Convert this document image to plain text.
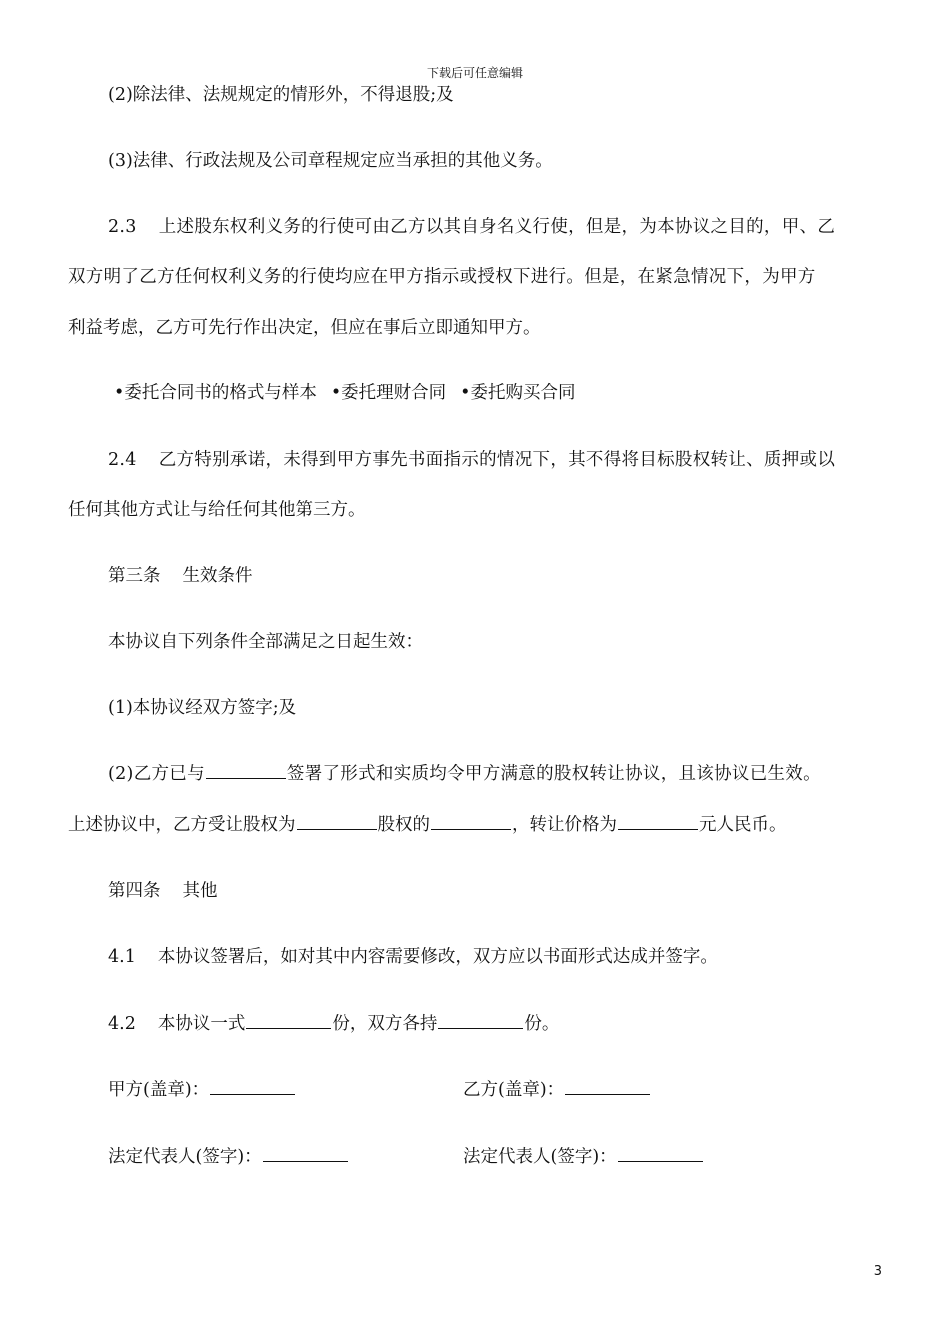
下载后可任意编辑
(2)除法律、法规规定的情形外，不得退股;及
(3)法律、行政法规及公司章程规定应当承担的其他义务。
2.3 上述股东权利义务的行使可由乙方以其自身名义行使，但是，为本协议之目的，甲、乙
双方明了乙方任何权利义务的行使均应在甲方指示或授权下进行。但是，在紧急情况下，为甲方
利益考虑，乙方可先行作出决定，但应在事后立即通知甲方。
•委托合同书的格式与样本 •委托理财合同 •委托购买合同
2.4 乙方特别承诺，未得到甲方事先书面指示的情况下，其不得将目标股权转让、质押或以
任何其他方式让与给任何其他第三方。
第三条 生效条件
本协议自下列条件全部满足之日起生效：
(1)本协议经双方签字;及
(2)乙方已与	签署了形式和实质均令甲方满意的股权转让协议，且该协议已生效。
上述协议中，乙方受让股权为	股权的	，转让价格为	元人民币。
第四条 其他
4.1 本协议签署后，如对其中内容需要修改，双方应以书面形式达成并签字。
4.2 本协议一式	份，双方各持	份。
甲方(盖章)：	乙方(盖章)：
法定代表人(签字)：	法定代表人(签字)：
3
